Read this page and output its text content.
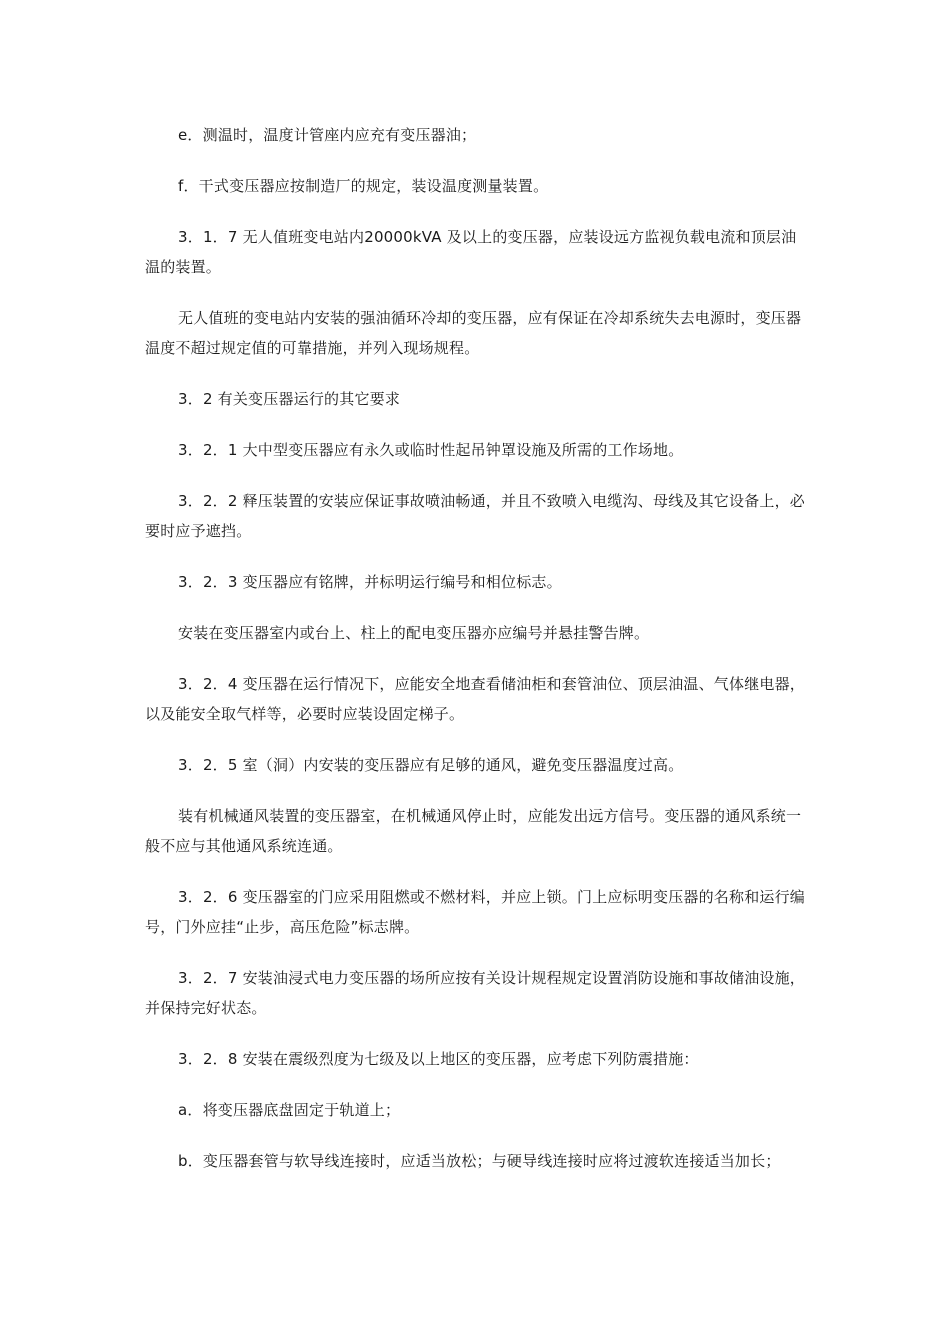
e．测温时，温度计管座内应充有变压器油；

f．干式变压器应按制造厂的规定，装设温度测量装置。

3．1．7 无人值班变电站内20000kVA 及以上的变压器，应装设远方监视负载电流和顶层油温的装置。

无人值班的变电站内安装的强油循环冷却的变压器，应有保证在冷却系统失去电源时，变压器温度不超过规定值的可靠措施，并列入现场规程。

3．2 有关变压器运行的其它要求

3．2．1 大中型变压器应有永久或临时性起吊钟罩设施及所需的工作场地。

3．2．2 释压装置的安装应保证事故喷油畅通，并且不致喷入电缆沟、母线及其它设备上，必要时应予遮挡。

3．2．3 变压器应有铭牌，并标明运行编号和相位标志。

安装在变压器室内或台上、柱上的配电变压器亦应编号并悬挂警告牌。

3．2．4 变压器在运行情况下，应能安全地查看储油柜和套管油位、顶层油温、气体继电器，以及能安全取气样等，必要时应装设固定梯子。

3．2．5 室（洞）内安装的变压器应有足够的通风，避免变压器温度过高。

装有机械通风装置的变压器室，在机械通风停止时，应能发出远方信号。变压器的通风系统一般不应与其他通风系统连通。

3．2．6 变压器室的门应采用阻燃或不燃材料，并应上锁。门上应标明变压器的名称和运行编号，门外应挂“止步，高压危险”标志牌。

3．2．7 安装油浸式电力变压器的场所应按有关设计规程规定设置消防设施和事故储油设施，并保持完好状态。

3．2．8 安装在震级烈度为七级及以上地区的变压器，应考虑下列防震措施：

a．将变压器底盘固定于轨道上；

b．变压器套管与软导线连接时，应适当放松；与硬导线连接时应将过渡软连接适当加长；
